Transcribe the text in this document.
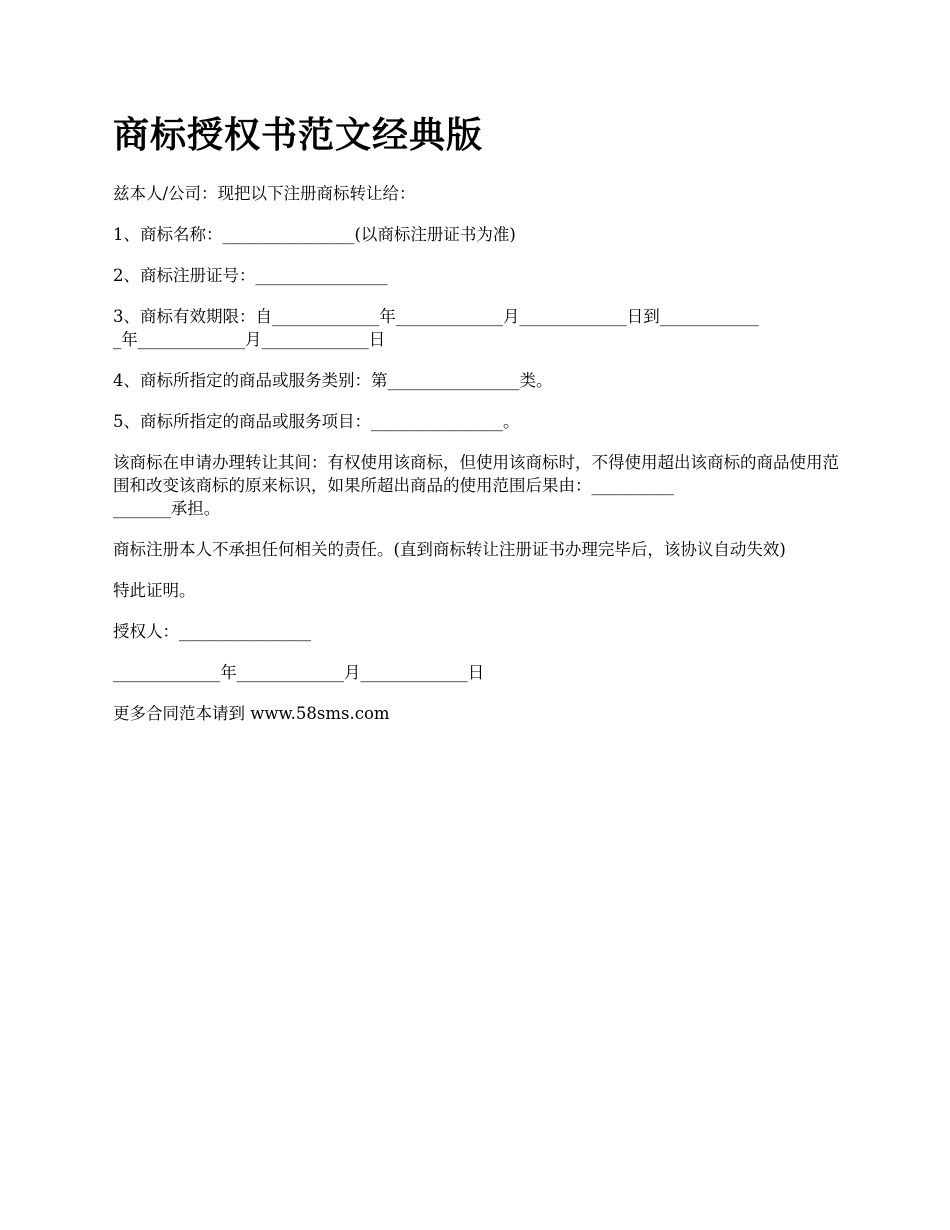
商标授权书范文经典版

兹本人/公司：现把以下注册商标转让给：

1、商标名称：________________(以商标注册证书为准)

2、商标注册证号：________________

3、商标有效期限：自_____________年_____________月_____________日到____________
_年_____________月_____________日

4、商标所指定的商品或服务类别：第________________类。

5、商标所指定的商品或服务项目：________________。

该商标在申请办理转让其间：有权使用该商标，但使用该商标时，不得使用超出该商标的商品使用范围和改变该商标的原来标识，如果所超出商品的使用范围后果由：__________
_______承担。

商标注册本人不承担任何相关的责任。(直到商标转让注册证书办理完毕后，该协议自动失效)

特此证明。

授权人：________________

_____________年_____________月_____________日

更多合同范本请到 www.58sms.com
